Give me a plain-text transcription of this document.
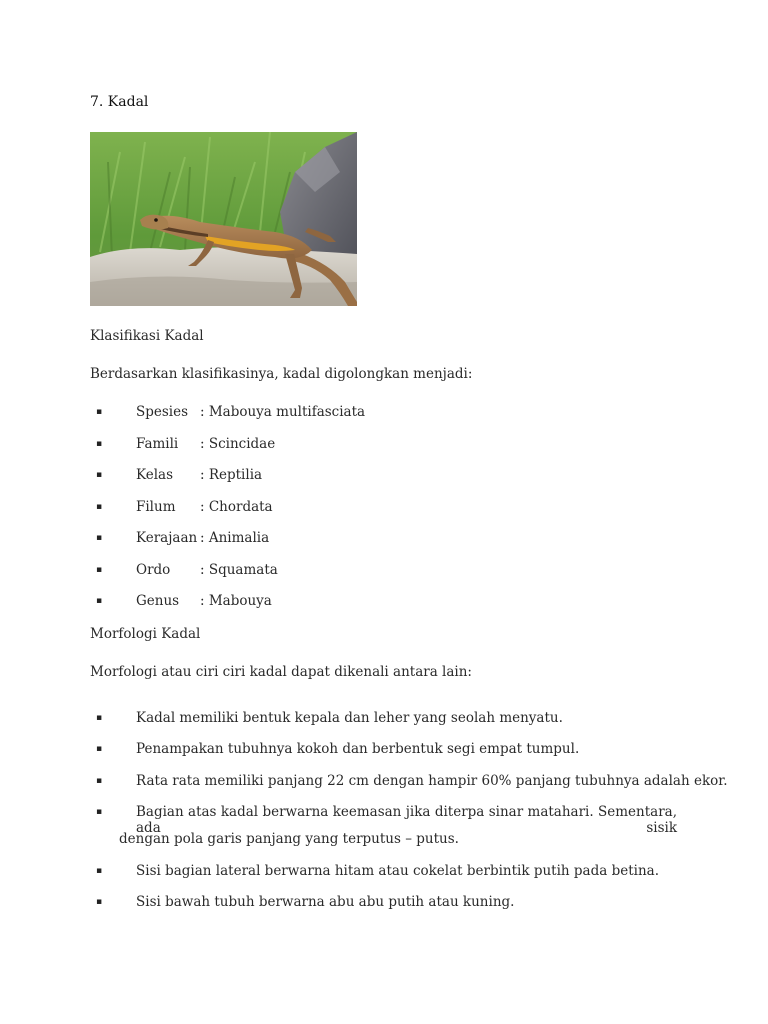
7. Kadal
Klasifikasi Kadal
Berdasarkan klasifikasinya, kadal digolongkan menjadi:
▪	Spesies : Mabouya multifasciata
▪	Famili : Scincidae
▪	Kelas : Reptilia
▪	Filum : Chordata
▪	Kerajaan : Animalia
▪	Ordo : Squamata
▪	Genus : Mabouya
Morfologi Kadal
Morfologi atau ciri ciri kadal dapat dikenali antara lain:
▪	Kadal memiliki bentuk kepala dan leher yang seolah menyatu.
▪	Penampakan tubuhnya kokoh dan berbentuk segi empat tumpul.
▪	Rata rata memiliki panjang 22 cm dengan hampir 60% panjang tubuhnya adalah ekor.
▪	Bagian atas kadal berwarna keemasan jika diterpa sinar matahari. Sementara, ada sisik
dengan pola garis panjang yang terputus – putus.
▪	Sisi bagian lateral berwarna hitam atau cokelat berbintik putih pada betina.
▪	Sisi bawah tubuh berwarna abu abu putih atau kuning.
